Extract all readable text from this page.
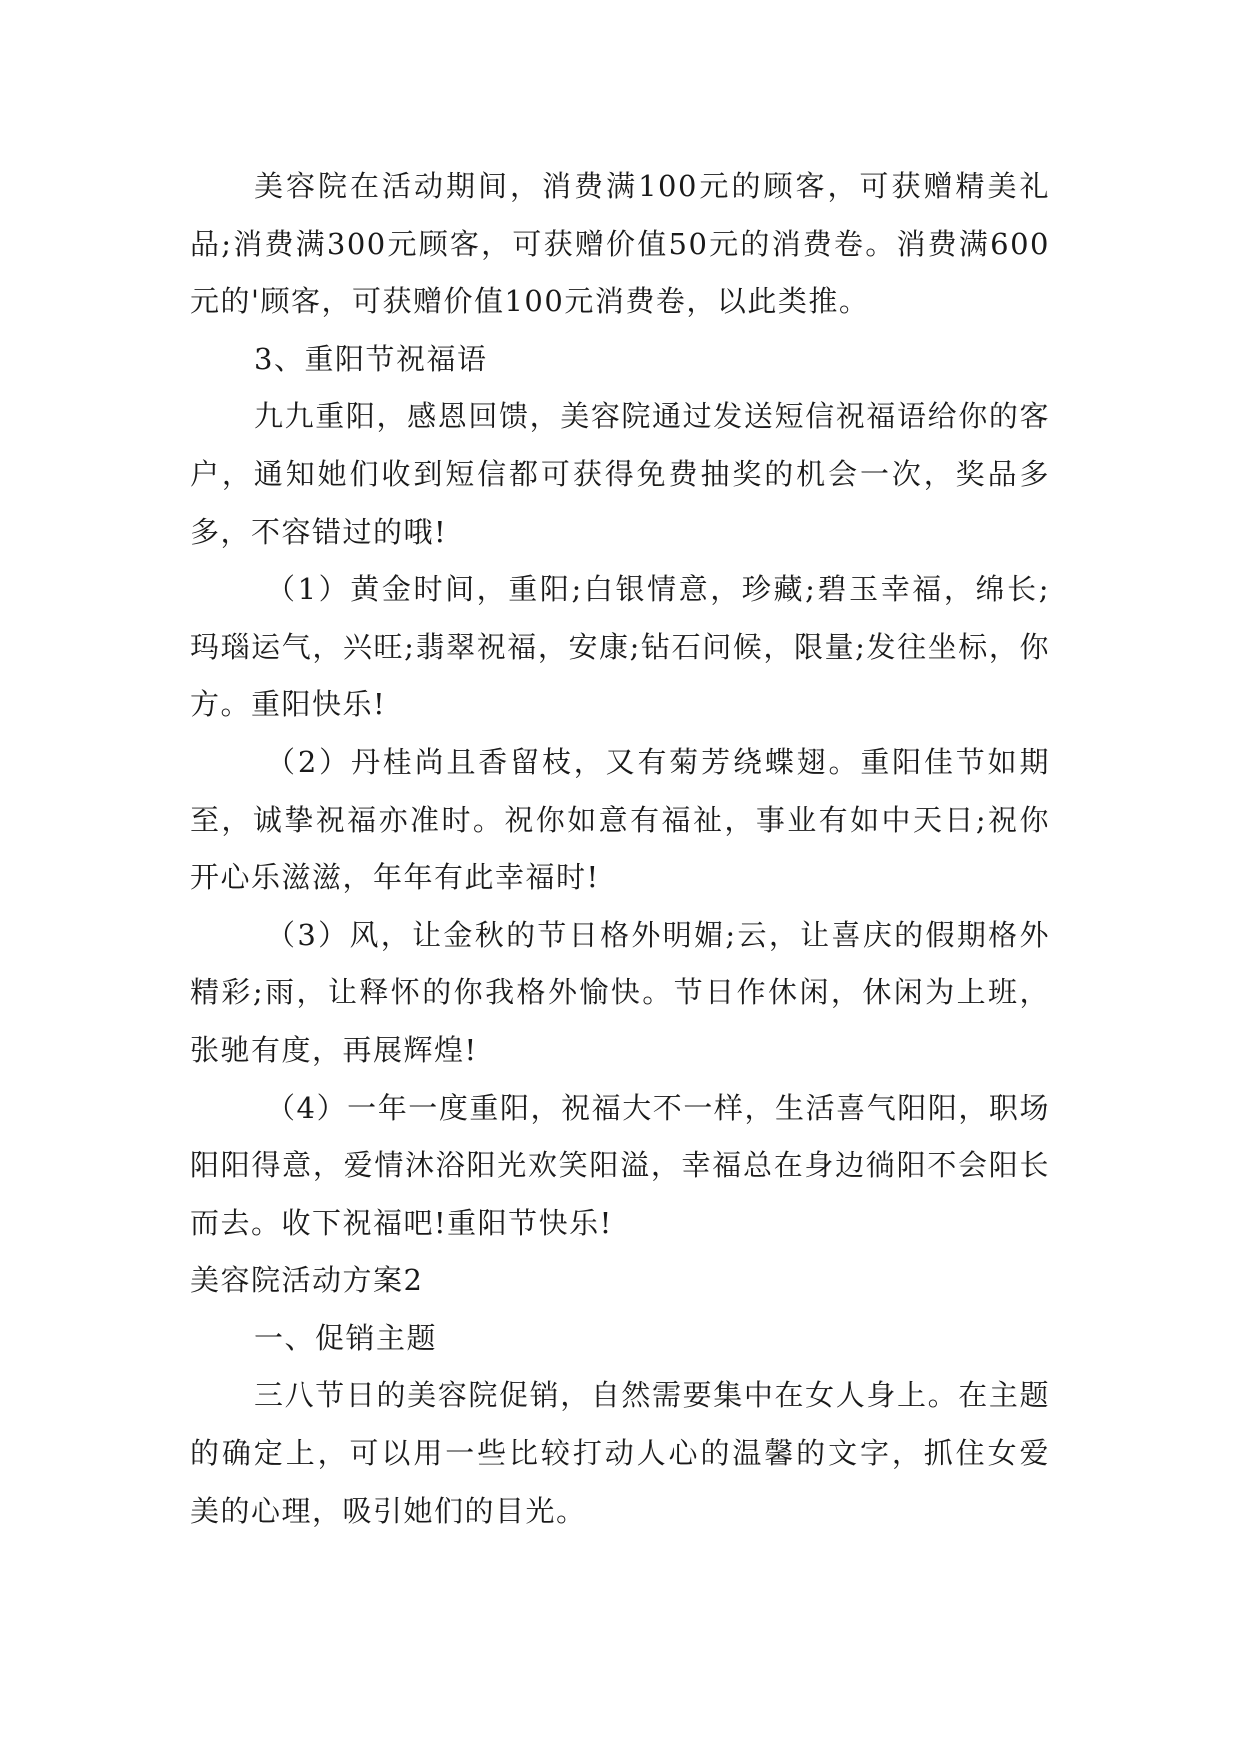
美容院在活动期间，消费满100元的顾客，可获赠精美礼品;消费满300元顾客，可获赠价值50元的消费卷。消费满600元的'顾客，可获赠价值100元消费卷，以此类推。

3、重阳节祝福语

九九重阳，感恩回馈，美容院通过发送短信祝福语给你的客户，通知她们收到短信都可获得免费抽奖的机会一次，奖品多多，不容错过的哦!

（1）黄金时间，重阳;白银情意，珍藏;碧玉幸福，绵长;玛瑙运气，兴旺;翡翠祝福，安康;钻石问候，限量;发往坐标，你方。重阳快乐!

（2）丹桂尚且香留枝，又有菊芳绕蝶翅。重阳佳节如期至，诚挚祝福亦准时。祝你如意有福祉，事业有如中天日;祝你开心乐滋滋，年年有此幸福时!

（3）风，让金秋的节日格外明媚;云，让喜庆的假期格外精彩;雨，让释怀的你我格外愉快。节日作休闲，休闲为上班，张驰有度，再展辉煌!

（4）一年一度重阳，祝福大不一样，生活喜气阳阳，职场阳阳得意，爱情沐浴阳光欢笑阳溢，幸福总在身边徜阳不会阳长而去。收下祝福吧!重阳节快乐!

美容院活动方案2

一、促销主题

三八节日的美容院促销，自然需要集中在女人身上。在主题的确定上，可以用一些比较打动人心的温馨的文字，抓住女爱 美的心理，吸引她们的目光。
